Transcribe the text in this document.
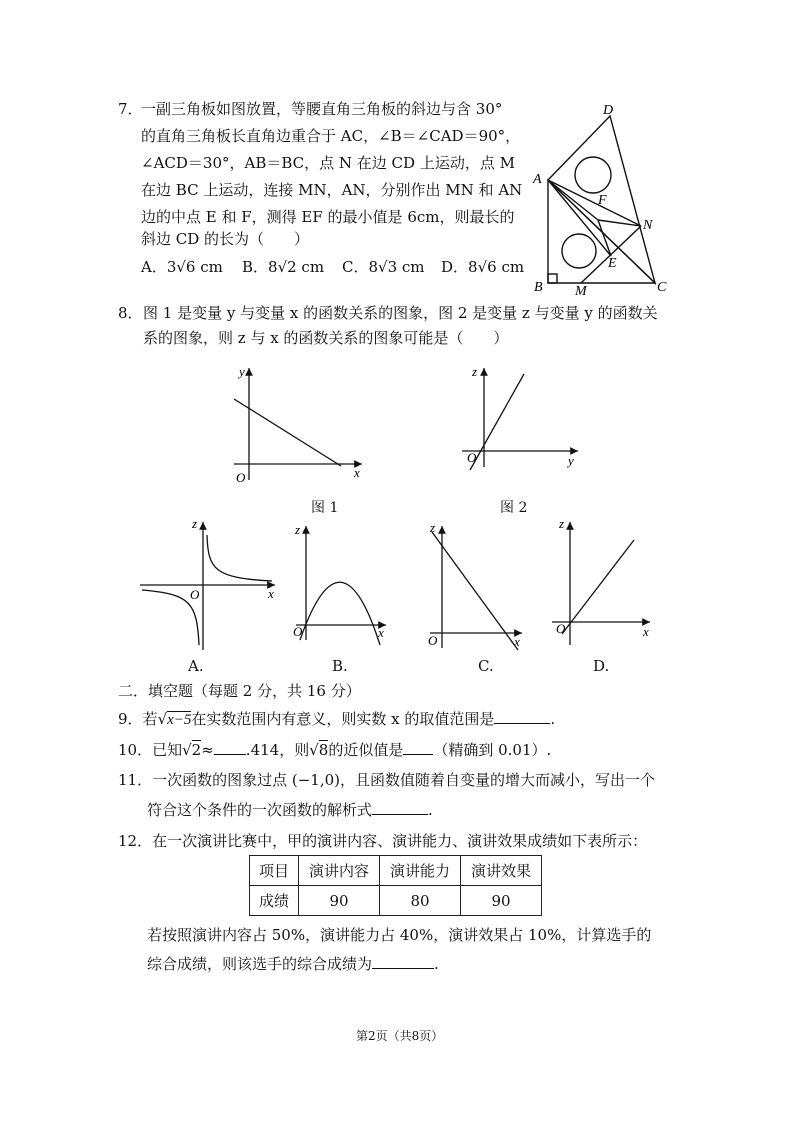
7．
一副三角板如图放置，等腰直角三角板的斜边与含 30°
的直角三角板长直角边重合于 AC，∠B＝∠CAD＝90°，
∠ACD＝30°，AB＝BC，点 N 在边 CD 上运动，点 M
在边 BC 上运动，连接 MN，AN，分别作出 MN 和 AN
边的中点 E 和 F，测得 EF 的最小值是 6cm，则最长的
斜边 CD 的长为（　　）
A．3√6 cm B．8√2 cm C．8√3 cm D．8√6 cm
D
A
F
N
E
B M	C
8． 图 1 是变量 y 与变量 x 的函数关系的图象，图 2 是变量 z 与变量 y 的函数关
系的图象，则 z 与 x 的函数关系的图象可能是（　　）
y
x
O
图 1
z
y
O
图 2
z
x
O
A.
z
x
O
B.
z
x
O
C.
z
x
O
D.
二．填空题（每题 2 分，共 16 分）
9．若√x−5在实数范围内有意义，则实数 x 的取值范围是	.
10．已知√2≈ .414，则√8的近似值是 （精确到 0.01）.
11．一次函数的图象过点 (−1,0)，且函数值随着自变量的增大而减小，写出一个
符合这个条件的一次函数的解析式	.
12．在一次演讲比赛中，甲的演讲内容、演讲能力、演讲效果成绩如下表所示：
项目	演讲内容	演讲能力	演讲效果
成绩	90	80	90
若按照演讲内容占 50%，演讲能力占 40%，演讲效果占 10%，计算选手的
综合成绩，则该选手的综合成绩为	.
第2页（共8页）
